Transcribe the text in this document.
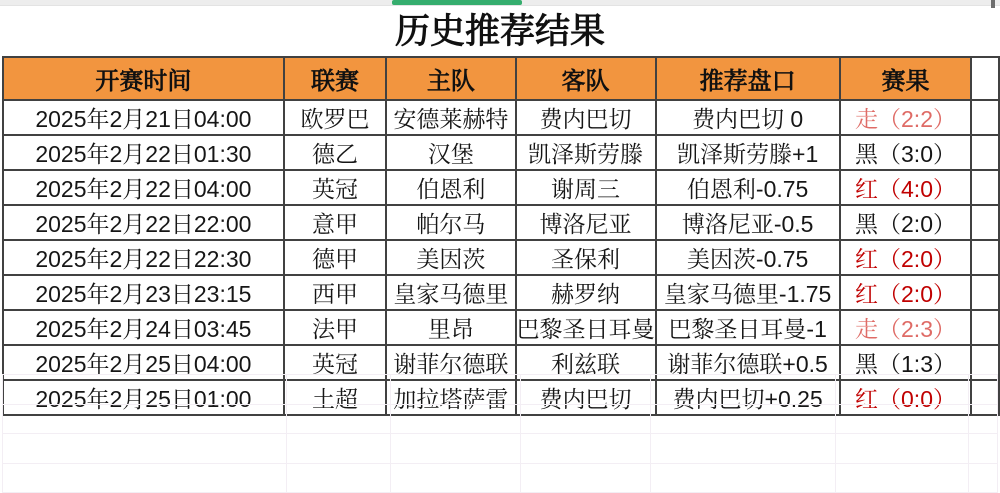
历史推荐结果
开赛时间	联赛	主队	客队	推荐盘口	赛果	
2025年2月21日04:00	欧罗巴	安德莱赫特	费内巴切	费内巴切 0	走（2:2）	
2025年2月22日01:30	德乙	汉堡	凯泽斯劳滕	凯泽斯劳滕+1	黑（3:0）	
2025年2月22日04:00	英冠	伯恩利	谢周三	伯恩利-0.75	红（4:0）	
2025年2月22日22:00	意甲	帕尔马	博洛尼亚	博洛尼亚-0.5	黑（2:0）	
2025年2月22日22:30	德甲	美因茨	圣保利	美因茨-0.75	红（2:0）	
2025年2月23日23:15	西甲	皇家马德里	赫罗纳	皇家马德里-1.75	红（2:0）	
2025年2月24日03:45	法甲	里昂	巴黎圣日耳曼	巴黎圣日耳曼-1	走（2:3）	
2025年2月25日04:00	英冠	谢菲尔德联	利兹联	谢菲尔德联+0.5	黑（1:3）	
2025年2月25日01:00	土超	加拉塔萨雷	费内巴切	费内巴切+0.25	红（0:0）	
